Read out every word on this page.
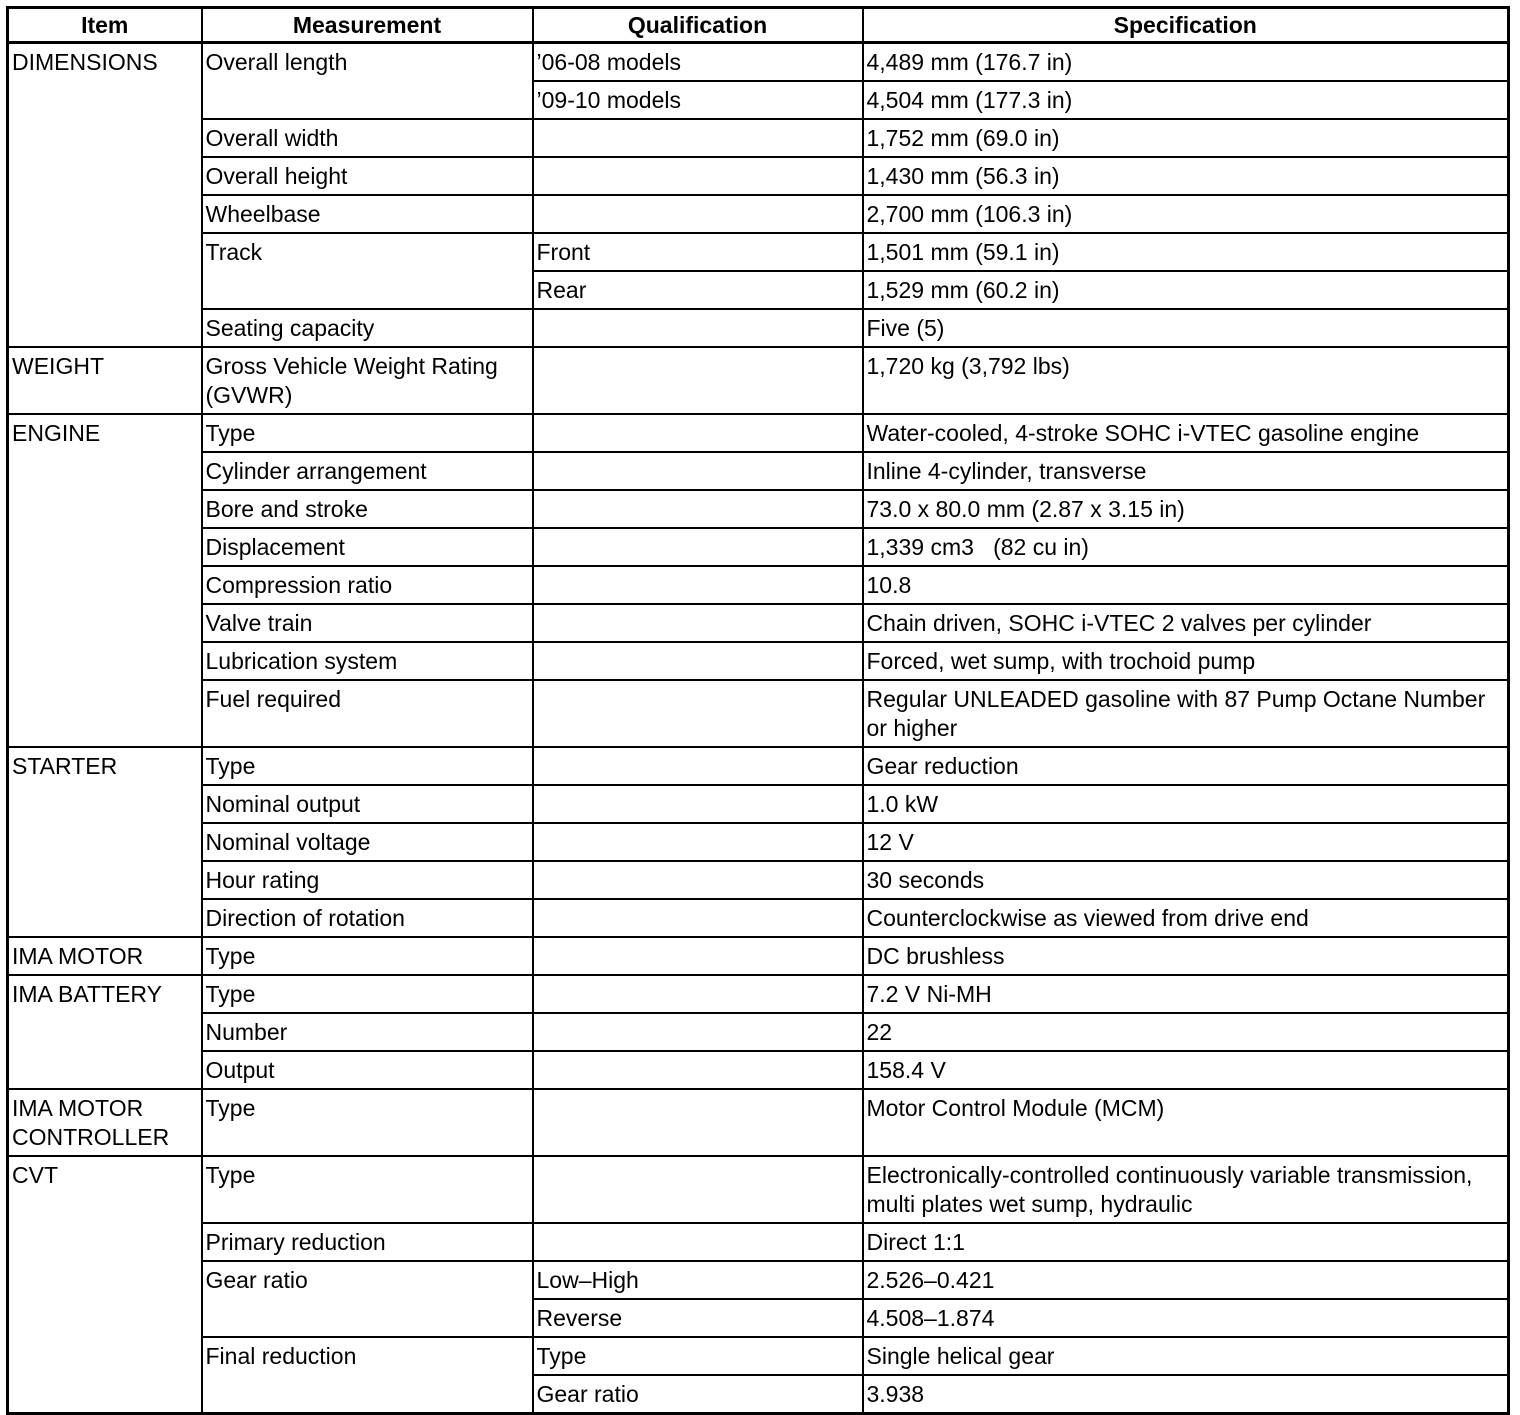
Item	Measurement	Qualification	Specification
DIMENSIONS	Overall length	’06-08 models	4,489 mm (176.7 in)
		’09-10 models	4,504 mm (177.3 in)
	Overall width		1,752 mm (69.0 in)
	Overall height		1,430 mm (56.3 in)
	Wheelbase		2,700 mm (106.3 in)
	Track	Front	1,501 mm (59.1 in)
		Rear	1,529 mm (60.2 in)
	Seating capacity		Five (5)
WEIGHT	Gross Vehicle Weight Rating (GVWR)		1,720 kg (3,792 lbs)
ENGINE	Type		Water-cooled, 4-stroke SOHC i-VTEC gasoline engine
	Cylinder arrangement		Inline 4-cylinder, transverse
	Bore and stroke		73.0 x 80.0 mm (2.87 x 3.15 in)
	Displacement		1,339 cm3   (82 cu in)
	Compression ratio		10.8
	Valve train		Chain driven, SOHC i-VTEC 2 valves per cylinder
	Lubrication system		Forced, wet sump, with trochoid pump
	Fuel required		Regular UNLEADED gasoline with 87 Pump Octane Number or higher
STARTER	Type		Gear reduction
	Nominal output		1.0 kW
	Nominal voltage		12 V
	Hour rating		30 seconds
	Direction of rotation		Counterclockwise as viewed from drive end
IMA MOTOR	Type		DC brushless
IMA BATTERY	Type		7.2 V Ni-MH
	Number		22
	Output		158.4 V
IMA MOTOR CONTROLLER	Type		Motor Control Module (MCM)
CVT	Type		Electronically-controlled continuously variable transmission, multi plates wet sump, hydraulic
	Primary reduction		Direct 1:1
	Gear ratio	Low–High	2.526–0.421
		Reverse	4.508–1.874
	Final reduction	Type	Single helical gear
		Gear ratio	3.938
